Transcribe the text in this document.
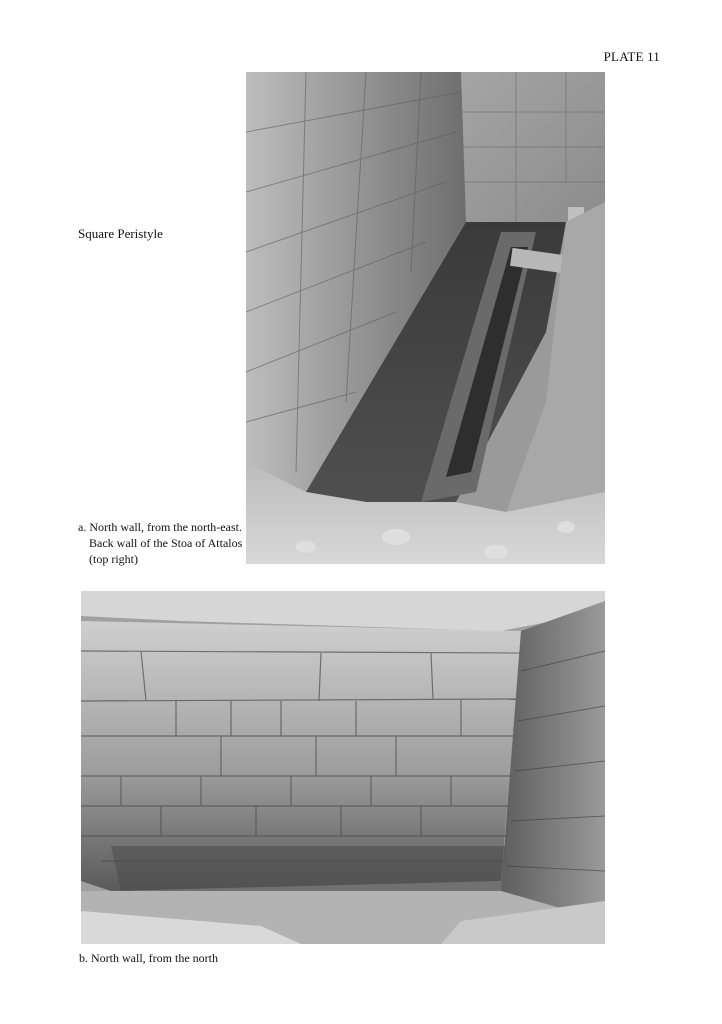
PLATE 11
Square Peristyle
a. North wall, from the north-east. Back wall of the Stoa of Attalos (top right)
b. North wall, from the north
